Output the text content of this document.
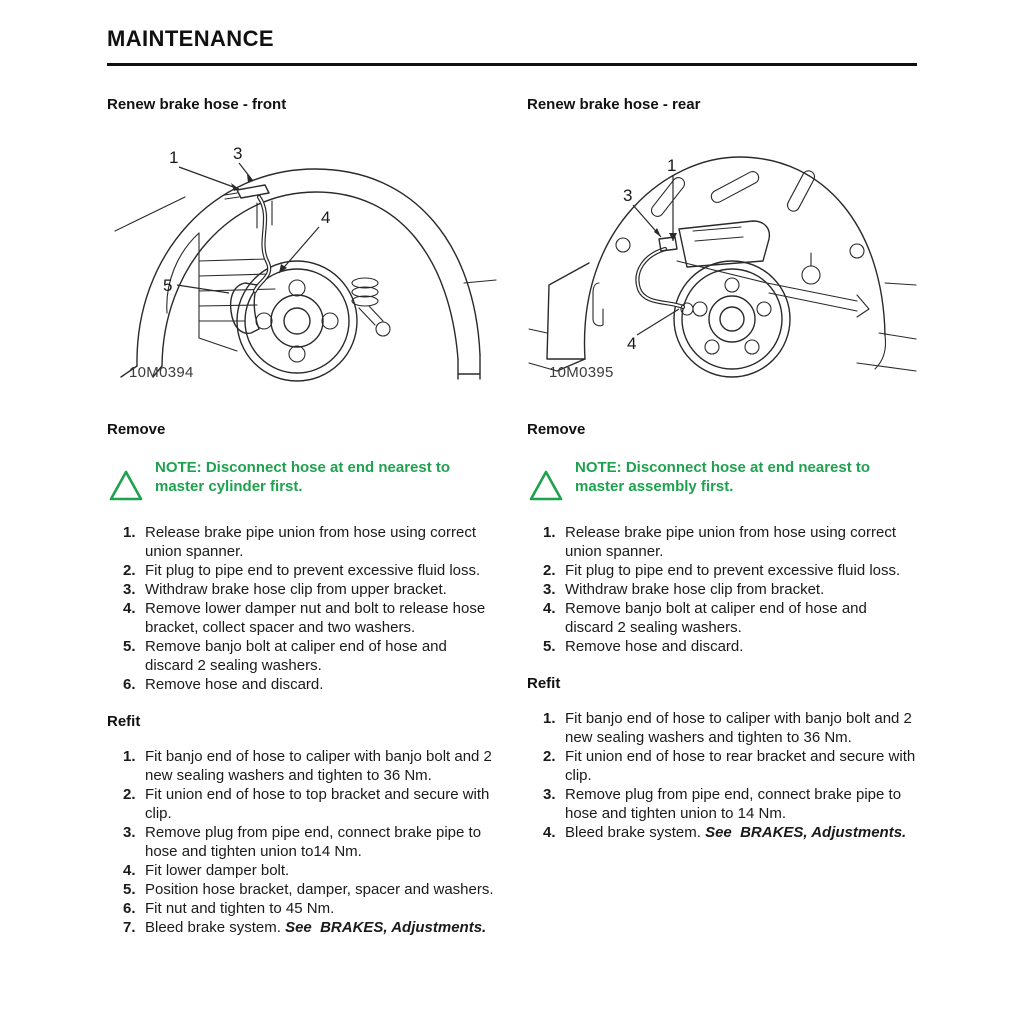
MAINTENANCE
Renew brake hose - front
1	3
4
5
10M0394
Remove
NOTE: Disconnect hose at end nearest to master cylinder first.
1. Release brake pipe union from hose using correct union spanner.
2. Fit plug to pipe end to prevent excessive fluid loss.
3. Withdraw brake hose clip from upper bracket.
4. Remove lower damper nut and bolt to release hose bracket, collect spacer and two washers.
5. Remove banjo bolt at caliper end of hose and discard 2 sealing washers.
6. Remove hose and discard.
Refit
1. Fit banjo end of hose to caliper with banjo bolt and 2 new sealing washers and tighten to 36 Nm.
2. Fit union end of hose to top bracket and secure with clip.
3. Remove plug from pipe end, connect brake pipe to hose and tighten union to14 Nm.
4. Fit lower damper bolt.
5. Position hose bracket, damper, spacer and washers.
6. Fit nut and tighten to 45 Nm.
7. Bleed brake system. See  BRAKES, Adjustments.
Renew brake hose - rear
1
3
4
10M0395
Remove
NOTE: Disconnect hose at end nearest to master assembly first.
1. Release brake pipe union from hose using correct union spanner.
2. Fit plug to pipe end to prevent excessive fluid loss.
3. Withdraw brake hose clip from bracket.
4. Remove banjo bolt at caliper end of hose and discard 2 sealing washers.
5. Remove hose and discard.
Refit
1. Fit banjo end of hose to caliper with banjo bolt and 2 new sealing washers and tighten to 36 Nm.
2. Fit union end of hose to rear bracket and secure with clip.
3. Remove plug from pipe end, connect brake pipe to hose and tighten union to 14 Nm.
4. Bleed brake system. See  BRAKES, Adjustments.
